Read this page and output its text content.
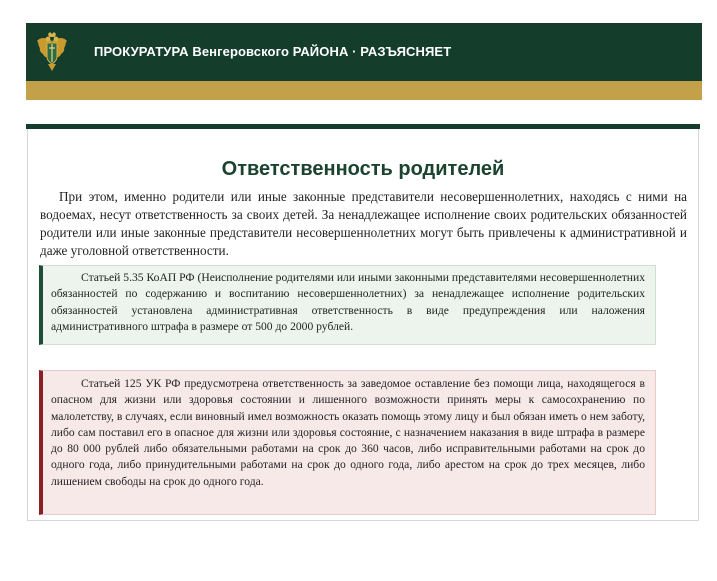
ПРОКУРАТУРА Венгеровского РАЙОНА · РАЗЪЯСНЯЕТ
Ответственность родителей

При этом, именно родители или иные законные представители несовершеннолетних, находясь с ними на водоемах, несут ответственность за своих детей. За ненадлежащее исполнение своих родительских обязанностей родители или иные законные представители несовершеннолетних могут быть привлечены к административной и даже уголовной ответственности.

Статьей 5.35 КоАП РФ (Неисполнение родителями или иными законными представителями несовершеннолетних обязанностей по содержанию и воспитанию несовершеннолетних) за ненадлежащее исполнение родительских обязанностей установлена административная ответственность в виде предупреждения или наложения административного штрафа в размере от 500 до 2000 рублей.

Статьей 125 УК РФ предусмотрена ответственность за заведомое оставление без помощи лица, находящегося в опасном для жизни или здоровья состоянии и лишенного возможности принять меры к самосохранению по малолетству, в случаях, если виновный имел возможность оказать помощь этому лицу и был обязан иметь о нем заботу, либо сам поставил его в опасное для жизни или здоровья состояние, с назначением наказания в виде штрафа в размере до 80 000 рублей либо обязательными работами на срок до 360 часов, либо исправительными работами на срок до одного года, либо принудительными работами на срок до одного года, либо арестом на срок до трех месяцев, либо лишением свободы на срок до одного года.
